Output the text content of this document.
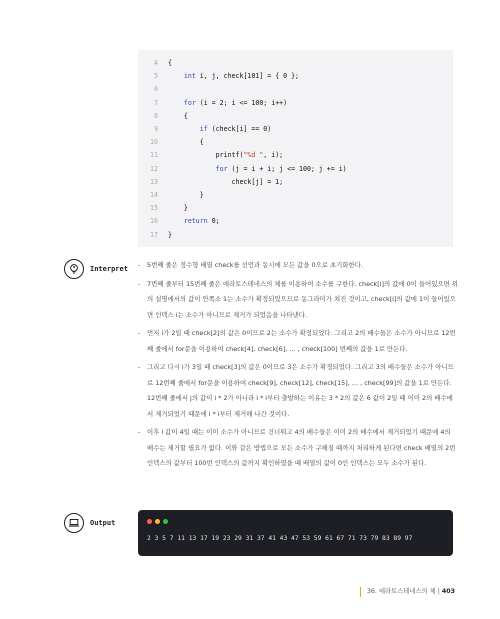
4 {
5	int i, j, check[101] = { 0 };
6
7	for (i = 2; i <= 100; i++)
8 {
9	if (check[i] == 0)
10 {
11 printf("%d ", i);
12	for (j = i + i; j <= 100; j += i)
13 check[j] = 1;
14 }
15 }
16	return 0;
17 }
Interpret
-	5번째 줄은 정수형 배열 check를 선언과 동시에 모든 값을 0으로 초기화한다.
- 7번째 줄부터 15번째 줄은 에라토스테네스의 체를 이용하여 소수를 구한다. check[i]의 값에 0이 들어있으면 위의 설명에서의 값이 안쪽소 1는 소수가 확정되었으므로 동그라미가 쳐진 것이고, check[i]의 값에 1이 들어있으면 인덱스 i는 소수가 아니므로 제거가 되었음을 나타낸다.
- 먼저 i가 2일 때 check[2]의 값은 0이므로 2는 소수가 확정되었다. 그리고 2의 배수들은 소수가 아니므로 12번째 줄에서 for문을 이용하여 check[4], check[6], … , check[100] 번째의 값을 1로 만든다.
- 그리고 다시 i가 3일 때 check[3]의 값은 0이므로 3은 소수가 확정되었다. 그리고 3의 배수들은 소수가 아니므로 12번째 줄에서 for문을 이용하여 check[9], check[12], check[15], … , check[99]의 값을 1로 만든다. 12번째 줄에서 j의 값이 i * 2가 아니라 i * i부터 출발하는 이유는 3 * 2의 값은 6 값이 2일 때 이미 2의 배수에서 제거되었기 때문에 i * i부터 제거해 나간 것이다.
- 이후 i 값이 4일 때는 이미 소수가 아니므로 건너뛰고 4의 배수들은 이미 2의 배수에서 제거되었기 때문에 4의 배수는 제거할 필요가 없다. 이와 같은 방법으로 모든 소수가 구해질 때까지 처리하게 된다면 check 배열의 2번 인덱스의 값부터 100번 인덱스의 값까지 확인하였을 때 배열의 값이 0인 인덱스는 모두 소수가 된다.
Output
2 3 5 7 11 13 17 19 23 29 31 37 41 43 47 53 59 61 67 71 73 79 83 89 97
36. 에라토스테네스의 체 | 403
